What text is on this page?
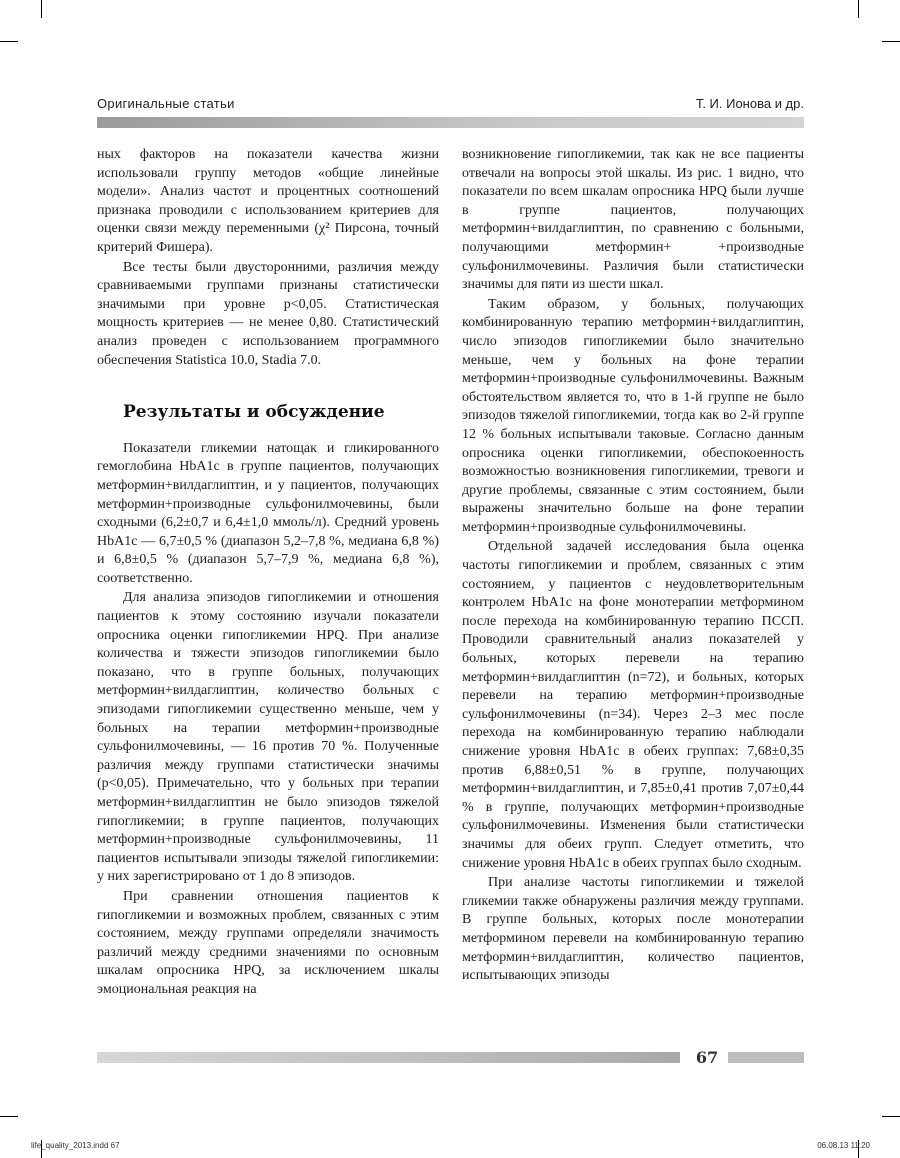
Оригинальные статьи	Т. И. Ионова и др.

ных факторов на показатели качества жизни использовали группу методов «общие линейные модели». Анализ частот и процентных соотношений признака проводили с использованием критериев для оценки связи между переменными (χ² Пирсона, точный критерий Фишера).

Все тесты были двусторонними, различия между сравниваемыми группами признаны статистически значимыми при уровне p<0,05. Статистическая мощность критериев — не менее 0,80. Статистический анализ проведен с использованием программного обеспечения Statistica 10.0, Stadia 7.0.

Результаты и обсуждение

Показатели гликемии натощак и гликированного гемоглобина HbA1c в группе пациентов, получающих метформин+вилдаглиптин, и у пациентов, получающих метформин+производные сульфонилмочевины, были сходными (6,2±0,7 и 6,4±1,0 ммоль/л). Средний уровень HbA1c — 6,7±0,5 % (диапазон 5,2–7,8 %, медиана 6,8 %) и 6,8±0,5 % (диапазон 5,7–7,9 %, медиана 6,8 %), соответственно.

Для анализа эпизодов гипогликемии и отношения пациентов к этому состоянию изучали показатели опросника оценки гипогликемии HPQ. При анализе количества и тяжести эпизодов гипогликемии было показано, что в группе больных, получающих метформин+вилдаглиптин, количество больных с эпизодами гипогликемии существенно меньше, чем у больных на терапии метформин+производные сульфонилмочевины, — 16 против 70 %. Полученные различия между группами статистически значимы (p<0,05). Примечательно, что у больных при терапии метформин+вилдаглиптин не было эпизодов тяжелой гипогликемии; в группе пациентов, получающих метформин+производные сульфонилмочевины, 11 пациентов испытывали эпизоды тяжелой гипогликемии: у них зарегистрировано от 1 до 8 эпизодов.

При сравнении отношения пациентов к гипогликемии и возможных проблем, связанных с этим состоянием, между группами определяли значимость различий между средними значениями по основным шкалам опросника HPQ, за исключением шкалы эмоциональная реакция на

возникновение гипогликемии, так как не все пациенты отвечали на вопросы этой шкалы. Из рис. 1 видно, что показатели по всем шкалам опросника HPQ были лучше в группе пациентов, получающих метформин+вилдаглиптин, по сравнению с больными, получающими метформин+ +производные сульфонилмочевины. Различия были статистически значимы для пяти из шести шкал.

Таким образом, у больных, получающих комбинированную терапию метформин+вилдаглиптин, число эпизодов гипогликемии было значительно меньше, чем у больных на фоне терапии метформин+производные сульфонилмочевины. Важным обстоятельством является то, что в 1-й группе не было эпизодов тяжелой гипогликемии, тогда как во 2-й группе 12 % больных испытывали таковые. Согласно данным опросника оценки гипогликемии, обеспокоенность возможностью возникновения гипогликемии, тревоги и другие проблемы, связанные с этим состоянием, были выражены значительно больше на фоне терапии метформин+производные сульфонилмочевины.

Отдельной задачей исследования была оценка частоты гипогликемии и проблем, связанных с этим состоянием, у пациентов с неудовлетворительным контролем HbA1c на фоне монотерапии метформином после перехода на комбинированную терапию ПССП. Проводили сравнительный анализ показателей у больных, которых перевели на терапию метформин+вилдаглиптин (n=72), и больных, которых перевели на терапию метформин+производные сульфонилмочевины (n=34). Через 2–3 мес после перехода на комбинированную терапию наблюдали снижение уровня HbA1c в обеих группах: 7,68±0,35 против 6,88±0,51 % в группе, получающих метформин+вилдаглиптин, и 7,85±0,41 против 7,07±0,44 % в группе, получающих метформин+производные сульфонилмочевины. Изменения были статистически значимы для обеих групп. Следует отметить, что снижение уровня HbA1c в обеих группах было сходным.

При анализе частоты гипогликемии и тяжелой гликемии также обнаружены различия между группами. В группе больных, которых после монотерапии метформином перевели на комбинированную терапию метформин+вилдаглиптин, количество пациентов, испытывающих эпизоды

67
life_quality_2013.indd 67	06.08.13 11:20
